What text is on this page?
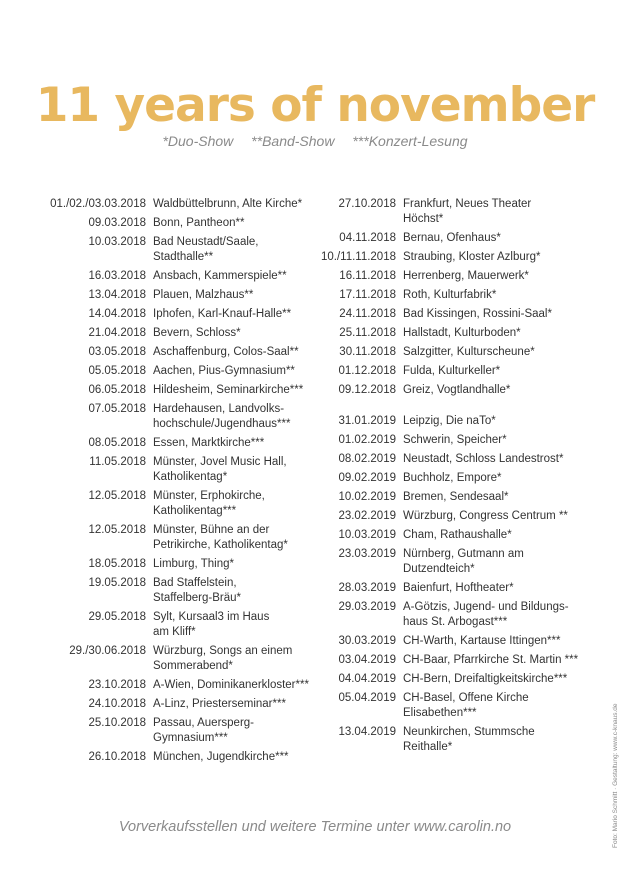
11 years of november
*Duo-Show **Band-Show ***Konzert-Lesung
01./02./03.03.2018 Waldbüttelbrunn, Alte Kirche*
09.03.2018 Bonn, Pantheon**
10.03.2018 Bad Neustadt/Saale,
Stadthalle**
16.03.2018 Ansbach, Kammerspiele**
13.04.2018 Plauen, Malzhaus**
14.04.2018 Iphofen, Karl-Knauf-Halle**
21.04.2018 Bevern, Schloss*
03.05.2018 Aschaffenburg, Colos-Saal**
05.05.2018 Aachen, Pius-Gymnasium**
06.05.2018 Hildesheim, Seminarkirche***
07.05.2018 Hardehausen, Landvolks-
hochschule/Jugendhaus***
08.05.2018 Essen, Marktkirche***
11.05.2018 Münster, Jovel Music Hall,
Katholikentag*
12.05.2018 Münster, Erphokirche,
Katholikentag***
12.05.2018 Münster, Bühne an der
Petrikirche, Katholikentag*
18.05.2018 Limburg, Thing*
19.05.2018 Bad Staffelstein,
Staffelberg-Bräu*
29.05.2018 Sylt, Kursaal3 im Haus
am Kliff*
29./30.06.2018 Würzburg, Songs an einem
Sommerabend*
23.10.2018 A-Wien, Dominikanerkloster***
24.10.2018 A-Linz, Priesterseminar***
25.10.2018 Passau, Auersperg-
Gymnasium***
26.10.2018 München, Jugendkirche***
27.10.2018 Frankfurt, Neues Theater
Höchst*
04.11.2018 Bernau, Ofenhaus*
10./11.11.2018 Straubing, Kloster Azlburg*
16.11.2018 Herrenberg, Mauerwerk*
17.11.2018 Roth, Kulturfabrik*
24.11.2018 Bad Kissingen, Rossini-Saal*
25.11.2018 Hallstadt, Kulturboden*
30.11.2018 Salzgitter, Kulturscheune*
01.12.2018 Fulda, Kulturkeller*
09.12.2018 Greiz, Vogtlandhalle*
31.01.2019 Leipzig, Die naTo*
01.02.2019 Schwerin, Speicher*
08.02.2019 Neustadt, Schloss Landestrost*
09.02.2019 Buchholz, Empore*
10.02.2019 Bremen, Sendesaal*
23.02.2019 Würzburg, Congress Centrum **
10.03.2019 Cham, Rathaushalle*
23.03.2019 Nürnberg, Gutmann am
Dutzendteich*
28.03.2019 Baienfurt, Hoftheater*
29.03.2019 A-Götzis, Jugend- und Bildungs-
haus St. Arbogast***
30.03.2019 CH-Warth, Kartause Ittingen***
03.04.2019 CH-Baar, Pfarrkirche St. Martin ***
04.04.2019 CH-Bern, Dreifaltigkeitskirche***
05.04.2019 CH-Basel, Offene Kirche
Elisabethen***
13.04.2019 Neunkirchen, Stummsche
Reithalle*
Vorverkaufsstellen und weitere Termine unter www.carolin.no	Foto: Mario Schmitt · Gestaltung: www.c-knaus.de
